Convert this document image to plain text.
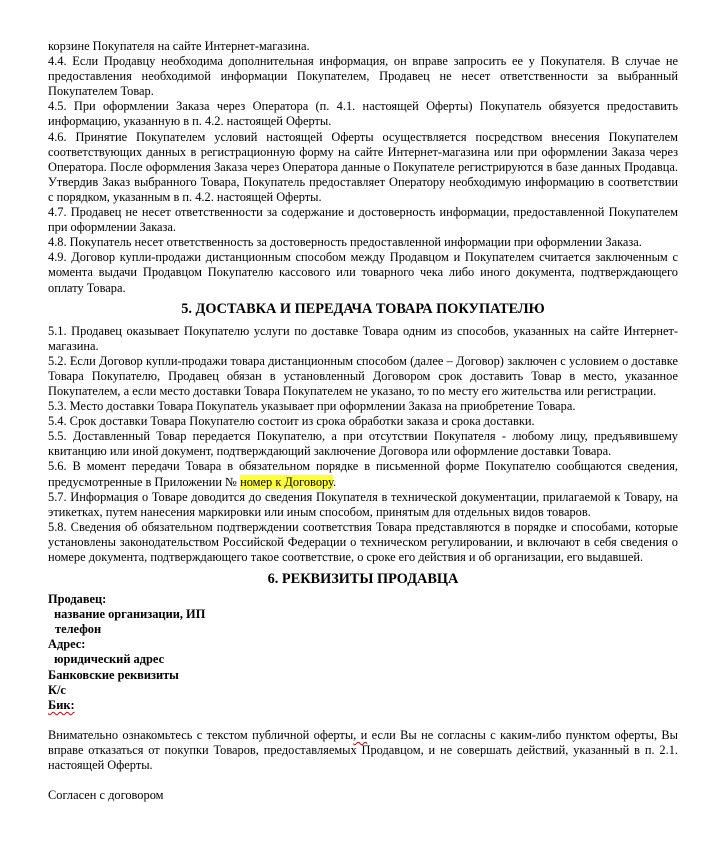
корзине Покупателя на сайте Интернет-магазина.

4.4. Если Продавцу необходима дополнительная информация, он вправе запросить ее у Покупателя. В случае не предоставления необходимой информации Покупателем, Продавец не несет ответственности за выбранный Покупателем Товар.

4.5. При оформлении Заказа через Оператора (п. 4.1. настоящей Оферты) Покупатель обязуется предоставить информацию, указанную в п. 4.2. настоящей Оферты.

4.6. Принятие Покупателем условий настоящей Оферты осуществляется посредством внесения Покупателем соответствующих данных в регистрационную форму на сайте Интернет-магазина или при оформлении Заказа через Оператора. После оформления Заказа через Оператора данные о Покупателе регистрируются в базе данных Продавца. Утвердив Заказ выбранного Товара, Покупатель предоставляет Оператору необходимую информацию в соответствии с порядком, указанным в п. 4.2. настоящей Оферты.

4.7. Продавец не несет ответственности за содержание и достоверность информации, предоставленной Покупателем при оформлении Заказа.

4.8. Покупатель несет ответственность за достоверность предоставленной информации при оформлении Заказа.

4.9. Договор купли-продажи дистанционным способом между Продавцом и Покупателем считается заключенным с момента выдачи Продавцом Покупателю кассового или товарного чека либо иного документа, подтверждающего оплату Товара.

5. ДОСТАВКА И ПЕРЕДАЧА ТОВАРА ПОКУПАТЕЛЮ

5.1. Продавец оказывает Покупателю услуги по доставке Товара одним из способов, указанных на сайте Интернет-магазина.

5.2. Если Договор купли-продажи товара дистанционным способом (далее – Договор) заключен с условием о доставке Товара Покупателю, Продавец обязан в установленный Договором срок доставить Товар в место, указанное Покупателем, а если место доставки Товара Покупателем не указано, то по месту его жительства или регистрации.

5.3. Место доставки Товара Покупатель указывает при оформлении Заказа на приобретение Товара.

5.4. Срок доставки Товара Покупателю состоит из срока обработки заказа и срока доставки.

5.5. Доставленный Товар передается Покупателю, а при отсутствии Покупателя - любому лицу, предъявившему квитанцию или иной документ, подтверждающий заключение Договора или оформление доставки Товара.

5.6. В момент передачи Товара в обязательном порядке в письменной форме Покупателю сообщаются сведения, предусмотренные в Приложении № номер к Договору.

5.7. Информация о Товаре доводится до сведения Покупателя в технической документации, прилагаемой к Товару, на этикетках, путем нанесения маркировки или иным способом, принятым для отдельных видов товаров.

5.8. Сведения об обязательном подтверждении соответствия Товара представляются в порядке и способами, которые установлены законодательством Российской Федерации о техническом регулировании, и включают в себя сведения о номере документа, подтверждающего такое соответствие, о сроке его действия и об организации, его выдавшей.

6. РЕКВИЗИТЫ ПРОДАВЦА

Продавец:

название организации, ИП

телефон

Адрес:

юридический адрес

Банковские реквизиты

К/с

Бик:

Внимательно ознакомьтесь с текстом публичной оферты, и если Вы не согласны с каким-либо пунктом оферты, Вы вправе отказаться от покупки Товаров, предоставляемых Продавцом, и не совершать действий, указанный в п. 2.1. настоящей Оферты.

Согласен с договором
